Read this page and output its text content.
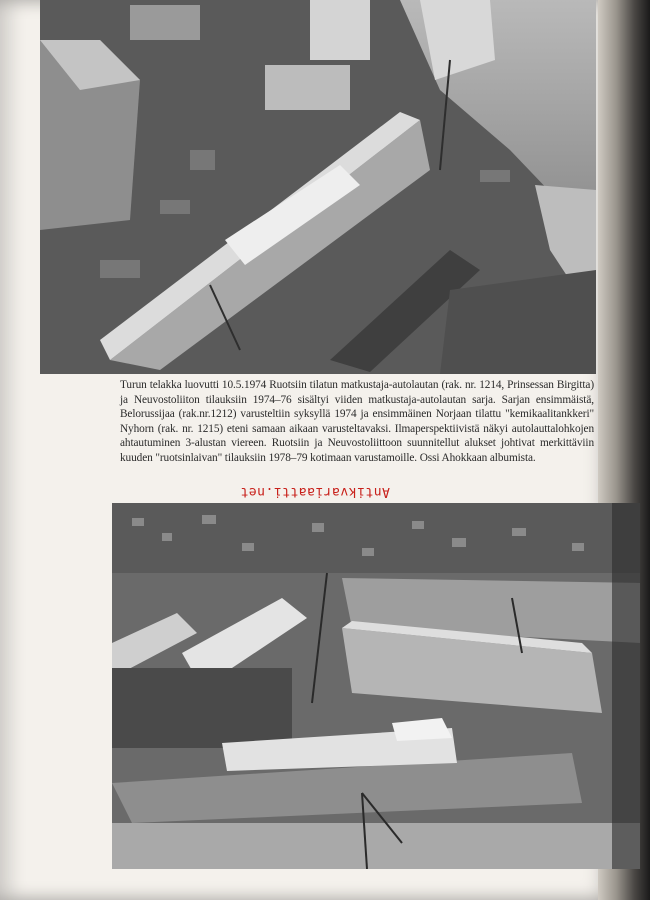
Turun telakka luovutti 10.5.1974 Ruotsiin tilatun matkustaja-autolautan (rak. nr. 1214, Prinsessan Birgitta) ja Neuvostoliiton tilauksiin 1974–76 sisältyi viiden matkustaja-autolautan sarja. Sarjan ensimmäistä, Belorussijaa (rak.nr.1212) varusteltiin syksyllä 1974 ja ensimmäinen Norjaan tilattu "kemikaalitankkeri" Nyhorn (rak. nr. 1215) eteni samaan aikaan varusteltavaksi. Ilmaperspektiivistä näkyi autolauttalohkojen ahtautuminen 3-alustan viereen. Ruotsiin ja Neuvostoliittoon suunnitellut alukset johtivat merkittäviin kuuden "ruotsinlaivan" tilauksiin 1978–79 kotimaan varustamoille. Ossi Ahokkaan albumista.

Antikvariaatti.net
